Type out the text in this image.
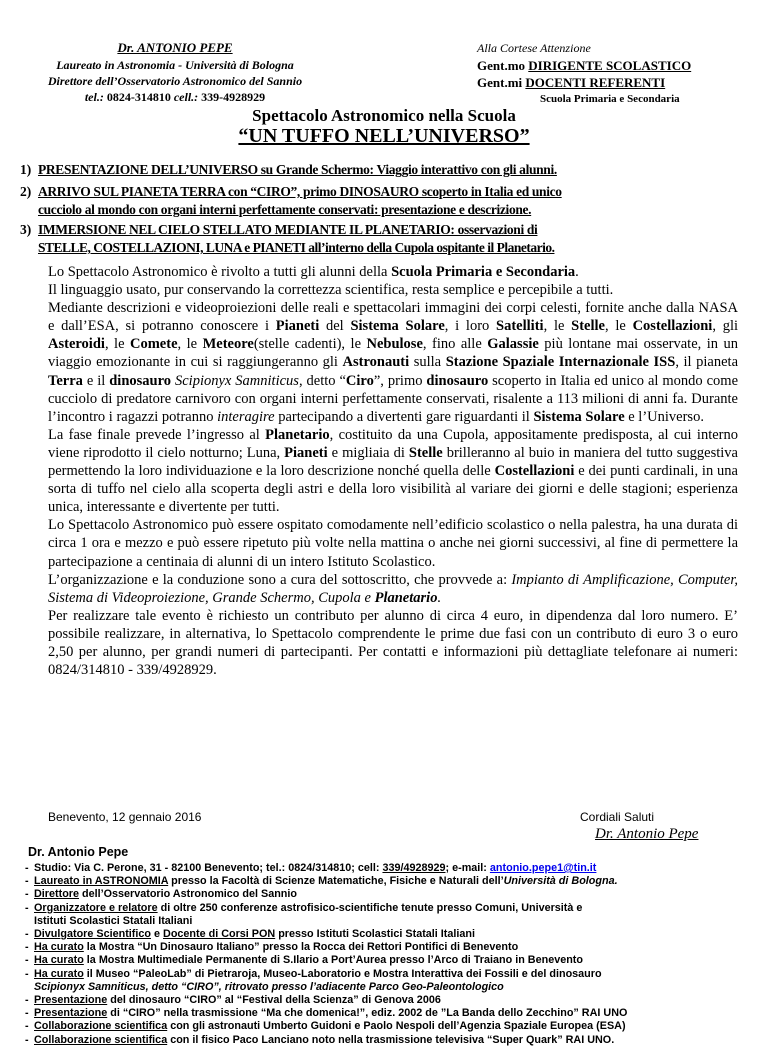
Dr. ANTONIO PEPE
Laureato in Astronomia - Università di Bologna
Direttore dell’Osservatorio Astronomico del Sannio
tel.: 0824-314810 cell.: 339-4928929
Alla Cortese Attenzione
Gent.mo DIRIGENTE SCOLASTICO
Gent.mi DOCENTI REFERENTI
Scuola Primaria e Secondaria
Spettacolo Astronomico nella Scuola
“UN TUFFO NELL’UNIVERSO”
1) PRESENTAZIONE DELL’UNIVERSO su Grande Schermo: Viaggio interattivo con gli alunni.
2) ARRIVO SUL PIANETA TERRA con “CIRO”, primo DINOSAURO scoperto in Italia ed unico
cucciolo al mondo con organi interni perfettamente conservati: presentazione e descrizione.
3) IMMERSIONE NEL CIELO STELLATO MEDIANTE IL PLANETARIO: osservazioni di
STELLE, COSTELLAZIONI, LUNA e PIANETI all’interno della Cupola ospitante il Planetario.

Lo Spettacolo Astronomico è rivolto a tutti gli alunni della Scuola Primaria e Secondaria.

Il linguaggio usato, pur conservando la correttezza scientifica, resta semplice e percepibile a tutti.

Mediante descrizioni e videoproiezioni delle reali e spettacolari immagini dei corpi celesti, fornite anche dalla NASA e dall’ESA, si potranno conoscere i Pianeti del Sistema Solare, i loro Satelliti, le Stelle, le Costellazioni, gli Asteroidi, le Comete, le Meteore(stelle cadenti), le Nebulose, fino alle Galassie più lontane mai osservate, in un viaggio emozionante in cui si raggiungeranno gli Astronauti sulla Stazione Spaziale Internazionale ISS, il pianeta Terra e il dinosauro Scipionyx Samniticus, detto “Ciro”, primo dinosauro scoperto in Italia ed unico al mondo come cucciolo di predatore carnivoro con organi interni perfettamente conservati, risalente a 113 milioni di anni fa. Durante l’incontro i ragazzi potranno interagire partecipando a divertenti gare riguardanti il Sistema Solare e l’Universo.

La fase finale prevede l’ingresso al Planetario, costituito da una Cupola, appositamente predisposta, al cui interno viene riprodotto il cielo notturno; Luna, Pianeti e migliaia di Stelle brilleranno al buio in maniera del tutto suggestiva permettendo la loro individuazione e la loro descrizione nonché quella delle Costellazioni e dei punti cardinali, in una sorta di tuffo nel cielo alla scoperta degli astri e della loro visibilità al variare dei giorni e delle stagioni; esperienza unica, interessante e divertente per tutti.

Lo Spettacolo Astronomico può essere ospitato comodamente nell’edificio scolastico o nella palestra, ha una durata di circa 1 ora e mezzo e può essere ripetuto più volte nella mattina o anche nei giorni successivi, al fine di permettere la partecipazione a centinaia di alunni di un intero Istituto Scolastico.

L’organizzazione e la conduzione sono a cura del sottoscritto, che provvede a: Impianto di Amplificazione, Computer, Sistema di Videoproiezione, Grande Schermo, Cupola e Planetario.

Per realizzare tale evento è richiesto un contributo per alunno di circa 4 euro, in dipendenza dal loro numero. E’ possibile realizzare, in alternativa, lo Spettacolo comprendente le prime due fasi con un contributo di euro 3 o euro 2,50 per alunno, per grandi numeri di partecipanti. Per contatti e informazioni più dettagliate telefonare ai numeri: 0824/314810 - 339/4928929.

Benevento, 12 gennaio 2016	Cordiali Saluti
Dr. Antonio Pepe
Dr. Antonio Pepe
- Studio: Via C. Perone, 31 - 82100 Benevento; tel.: 0824/314810; cell: 339/4928929; e-mail: antonio.pepe1@tin.it
- Laureato in ASTRONOMIA presso la Facoltà di Scienze Matematiche, Fisiche e Naturali dell’Università di Bologna.
- Direttore dell’Osservatorio Astronomico del Sannio
- Organizzatore e relatore di oltre 250 conferenze astrofisico-scientifiche tenute presso Comuni, Università e
Istituti Scolastici Statali Italiani
- Divulgatore Scientifico e Docente di Corsi PON presso Istituti Scolastici Statali Italiani
- Ha curato la Mostra “Un Dinosauro Italiano” presso la Rocca dei Rettori Pontifici di Benevento
- Ha curato la Mostra Multimediale Permanente di S.Ilario a Port’Aurea presso l’Arco di Traiano in Benevento
- Ha curato il Museo “PaleoLab” di Pietraroja, Museo-Laboratorio e Mostra Interattiva dei Fossili e del dinosauro
Scipionyx Samniticus, detto “CIRO”, ritrovato presso l’adiacente Parco Geo-Paleontologico
- Presentazione del dinosauro “CIRO” al “Festival della Scienza” di Genova 2006
- Presentazione di “CIRO” nella trasmissione “Ma che domenica!”, ediz. 2002 de ”La Banda dello Zecchino” RAI UNO
- Collaborazione scientifica con gli astronauti Umberto Guidoni e Paolo Nespoli dell’Agenzia Spaziale Europea (ESA)
- Collaborazione scientifica con il fisico Paco Lanciano noto nella trasmissione televisiva “Super Quark” RAI UNO.
